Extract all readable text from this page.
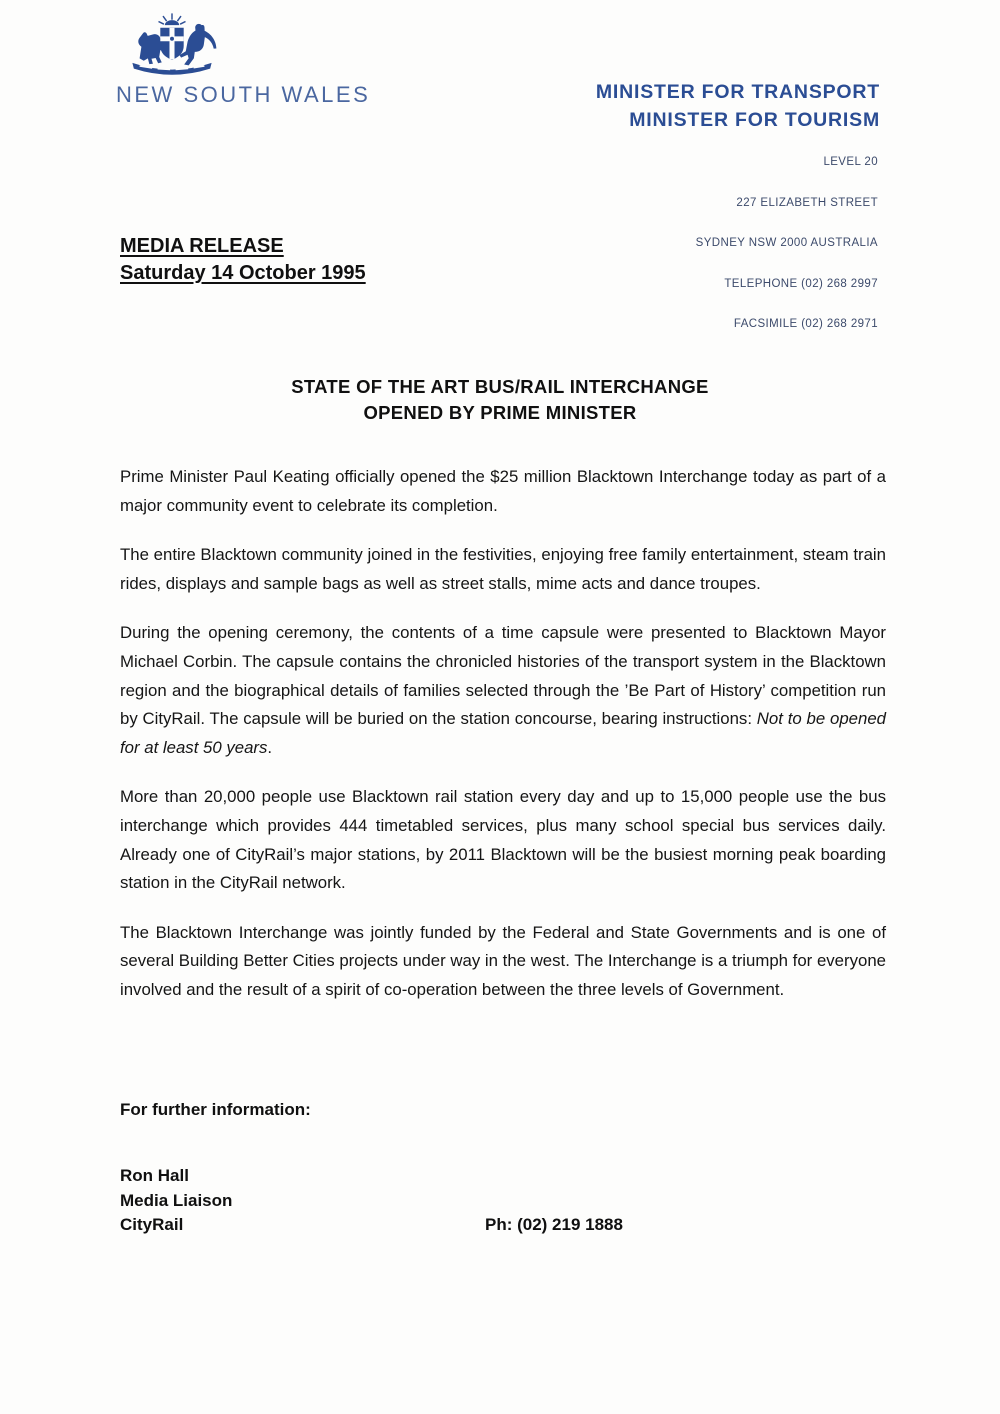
NEW SOUTH WALES	MINISTER FOR TRANSPORT
MINISTER FOR TOURISM
LEVEL 20
227 ELIZABETH STREET
SYDNEY NSW 2000 AUSTRALIA
TELEPHONE (02) 268 2997
FACSIMILE (02) 268 2971
MEDIA RELEASE
Saturday 14 October 1995
STATE OF THE ART BUS/RAIL INTERCHANGE
OPENED BY PRIME MINISTER

Prime Minister Paul Keating officially opened the $25 million Blacktown Interchange today as part of a major community event to celebrate its completion.

The entire Blacktown community joined in the festivities, enjoying free family entertainment, steam train rides, displays and sample bags as well as street stalls, mime acts and dance troupes.

During the opening ceremony, the contents of a time capsule were presented to Blacktown Mayor Michael Corbin. The capsule contains the chronicled histories of the transport system in the Blacktown region and the biographical details of families selected through the ’Be Part of History’ competition run by CityRail. The capsule will be buried on the station concourse, bearing instructions: Not to be opened for at least 50 years.

More than 20,000 people use Blacktown rail station every day and up to 15,000 people use the bus interchange which provides 444 timetabled services, plus many school special bus services daily. Already one of CityRail’s major stations, by 2011 Blacktown will be the busiest morning peak boarding station in the CityRail network.

The Blacktown Interchange was jointly funded by the Federal and State Governments and is one of several Building Better Cities projects under way in the west. The Interchange is a triumph for everyone involved and the result of a spirit of co-operation between the three levels of Government.

For further information:
Ron Hall
Media Liaison
CityRail	Ph: (02) 219 1888
